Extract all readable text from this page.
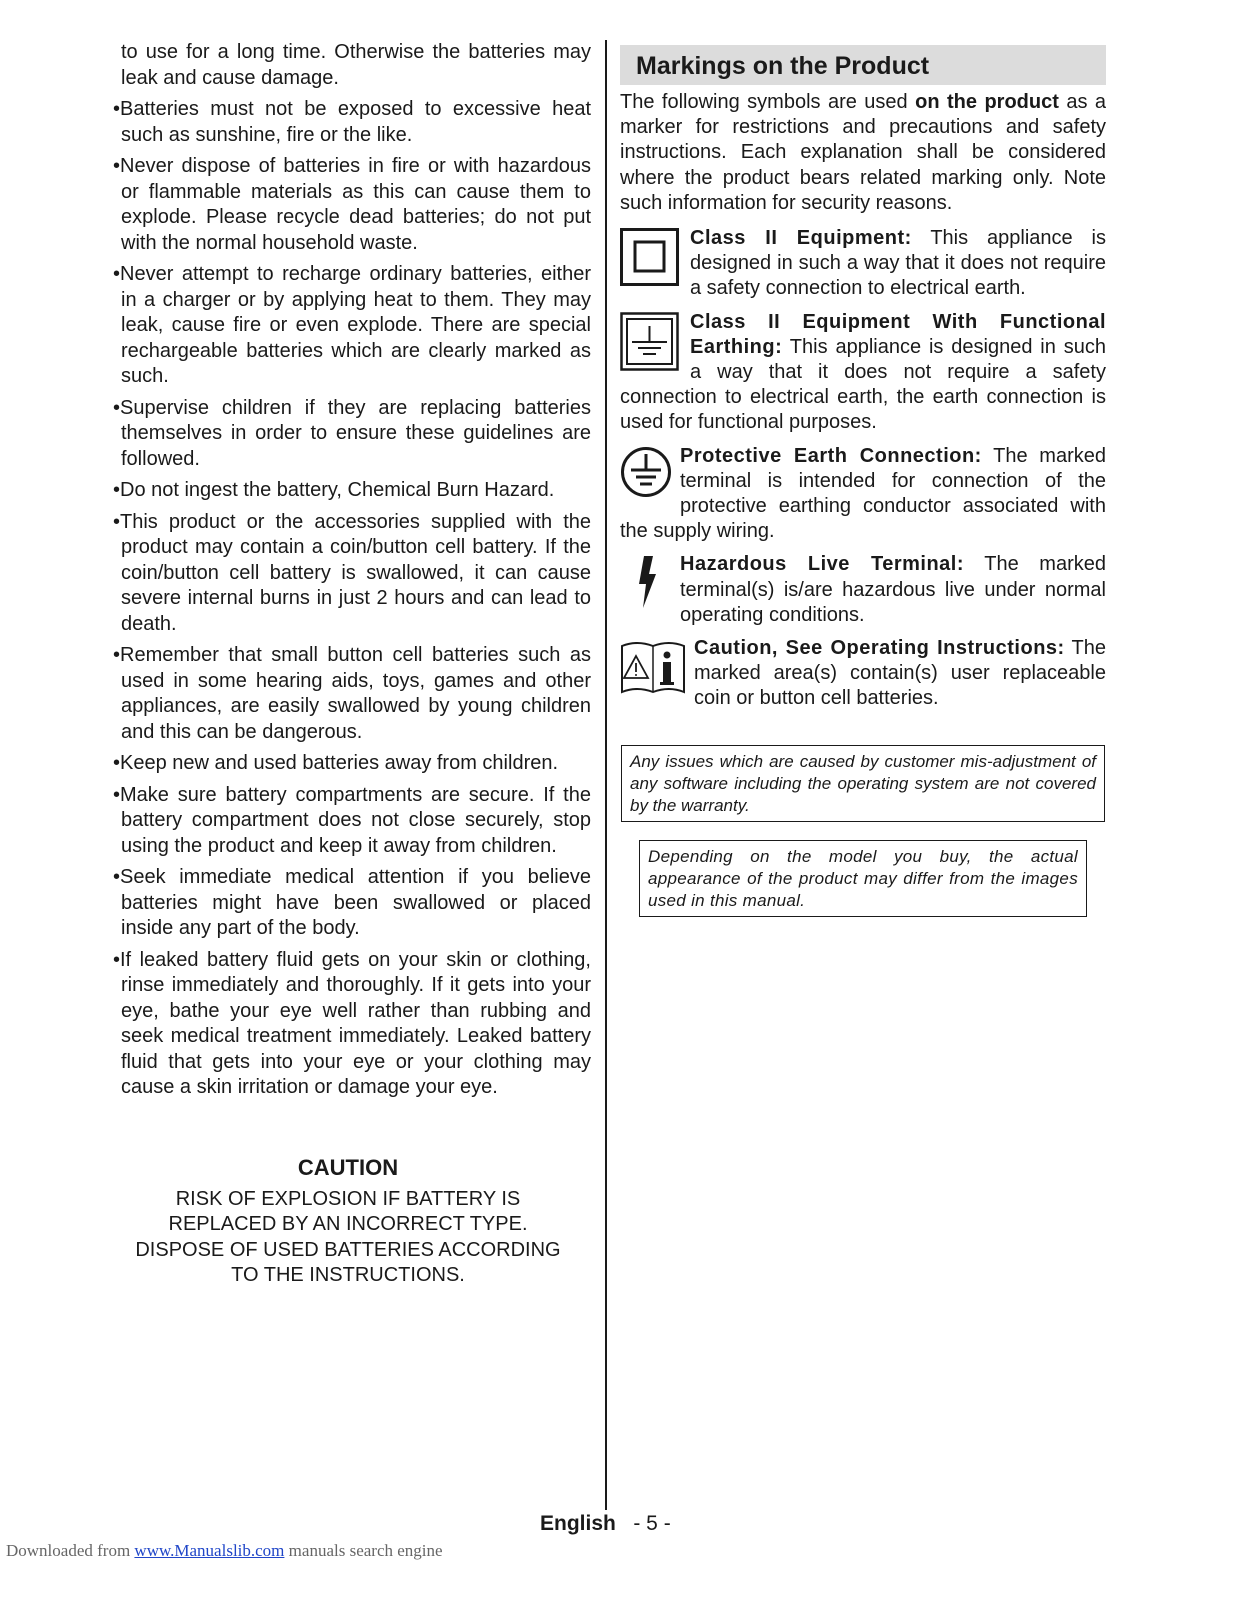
to use for a long time. Otherwise the batteries may leak and cause damage.

•Batteries must not be exposed to excessive heat such as sunshine, fire or the like.

•Never dispose of batteries in fire or with hazardous or flammable materials as this can cause them to explode. Please recycle dead batteries; do not put with the normal household waste.

•Never attempt to recharge ordinary batteries, either in a charger or by applying heat to them. They may leak, cause fire or even explode. There are special rechargeable batteries which are clearly marked as such.

•Supervise children if they are replacing batteries themselves in order to ensure these guidelines are followed.

•Do not ingest the battery, Chemical Burn Hazard.

•This product or the accessories supplied with the product may contain a coin/button cell battery. If the coin/button cell battery is swallowed, it can cause severe internal burns in just 2 hours and can lead to death.

•Remember that small button cell batteries such as used in some hearing aids, toys, games and other appliances, are easily swallowed by young children and this can be dangerous.

•Keep new and used batteries away from children.

•Make sure battery compartments are secure. If the battery compartment does not close securely, stop using the product and keep it away from children.

•Seek immediate medical attention if you believe batteries might have been swallowed or placed inside any part of the body.

•If leaked battery fluid gets on your skin or clothing, rinse immediately and thoroughly. If it gets into your eye, bathe your eye well rather than rubbing and seek medical treatment immediately. Leaked battery fluid that gets into your eye or your clothing may cause a skin irritation or damage your eye.

CAUTION
RISK OF EXPLOSION IF BATTERY IS
REPLACED BY AN INCORRECT TYPE.
DISPOSE OF USED BATTERIES ACCORDING
TO THE INSTRUCTIONS.
Markings on the Product

The following symbols are used on the product as a marker for restrictions and precautions and safety instructions. Each explanation shall be considered where the product bears related marking only. Note such information for security reasons.

Class II Equipment: This appliance is designed in such a way that it does not require a safety connection to electrical earth.
Class II Equipment With Functional Earthing: This appliance is designed in such a way that it does not require a safety connection to electrical earth, the earth connection is used for functional purposes.
Protective Earth Connection: The marked terminal is intended for connection of the protective earthing conductor associated with the supply wiring.
Hazardous Live Terminal: The marked terminal(s) is/are hazardous live under normal operating conditions.
Caution, See Operating Instructions: The marked area(s) contain(s) user replaceable coin or button cell batteries.
Any issues which are caused by customer mis-adjustment of any software including the operating system are not covered by the warranty.
Depending on the model you buy, the actual appearance of the product may differ from the images used in this manual.
English - 5 -
Downloaded from www.Manualslib.com manuals search engine
